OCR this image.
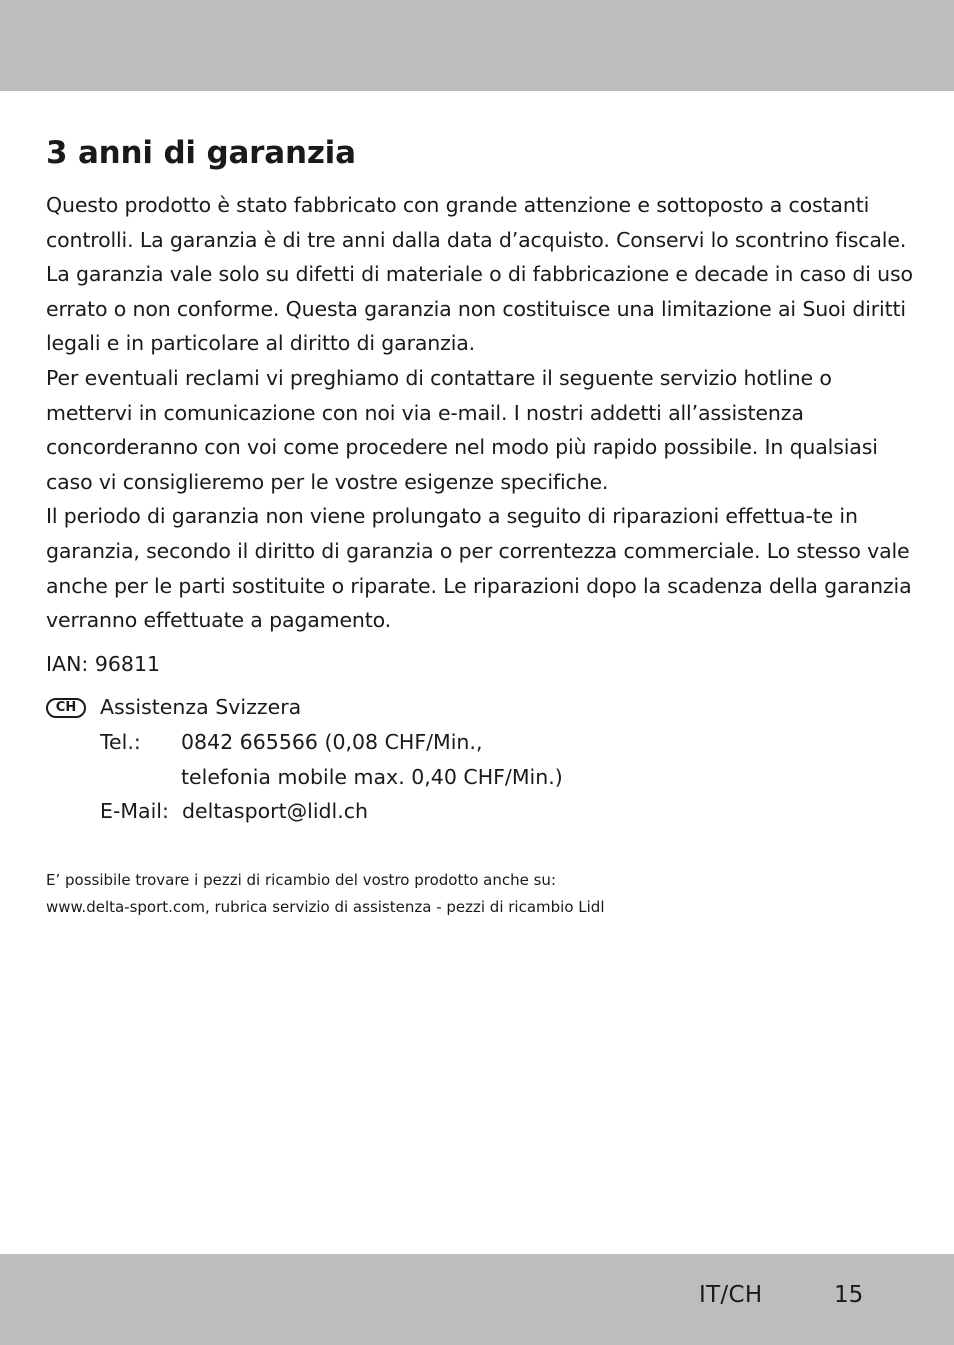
3 anni di garanzia

Questo prodotto è stato fabbricato con grande attenzione e sottoposto a costanti controlli. La garanzia è di tre anni dalla data d’acquisto. Conservi lo scontrino fiscale.

La garanzia vale solo su difetti di materiale o di fabbricazione e decade in caso di uso errato o non conforme. Questa garanzia non costituisce una limitazione ai Suoi diritti legali e in particolare al diritto di garanzia.

Per eventuali reclami vi preghiamo di contattare il seguente servizio hotline o mettervi in comunicazione con noi via e-mail. I nostri addetti all’assistenza concorderanno con voi come procedere nel modo più rapido possibile. In qualsiasi caso vi consiglieremo per le vostre esigenze specifiche.

Il periodo di garanzia non viene prolungato a seguito di riparazioni effettua-te in garanzia, secondo il diritto di garanzia o per correntezza commerciale. Lo stesso vale anche per le parti sostituite o riparate. Le riparazioni dopo la scadenza della garanzia verranno effettuate a pagamento.

IAN: 96811
CH	Assistenza Svizzera
Tel.:	0842 665566 (0,08 CHF/Min.,
telefonia mobile max. 0,40 CHF/Min.)
E-Mail: deltasport@lidl.ch
E’ possibile trovare i pezzi di ricambio del vostro prodotto anche su:
www.delta-sport.com, rubrica servizio di assistenza - pezzi di ricambio Lidl
IT/CH	15
